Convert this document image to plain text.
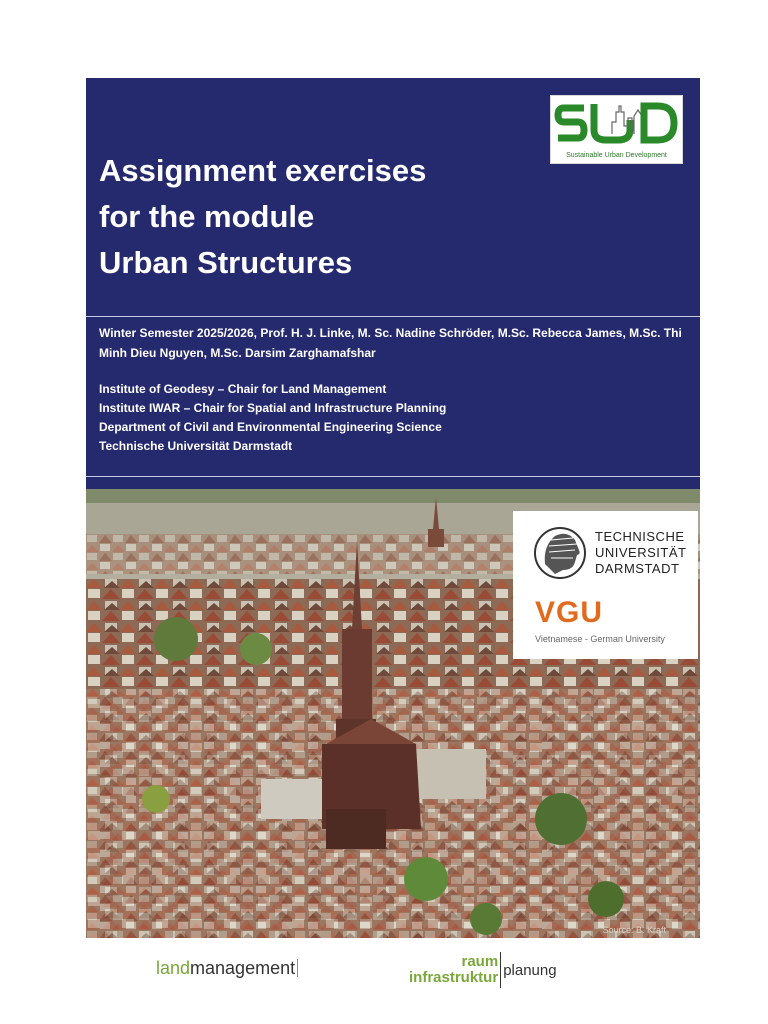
Assignment exercises
for the module
Urban Structures
Sustainable Urban Development
Winter Semester 2025/2026, Prof. H. J. Linke, M. Sc. Nadine Schröder, M.Sc. Rebecca James, M.Sc. Thi
Minh Dieu Nguyen, M.Sc. Darsim Zarghamafshar
Institute of Geodesy – Chair for Land Management
Institute IWAR – Chair for Spatial and Infrastructure Planning
Department of Civil and Environmental Engineering Science
Technische Universität Darmstadt
Source: B. Kraft
TECHNISCHE
UNIVERSITÄT
DARMSTADT
VGU
Vietnamese - German University
landmanagement	raum
infrastruktur planung
